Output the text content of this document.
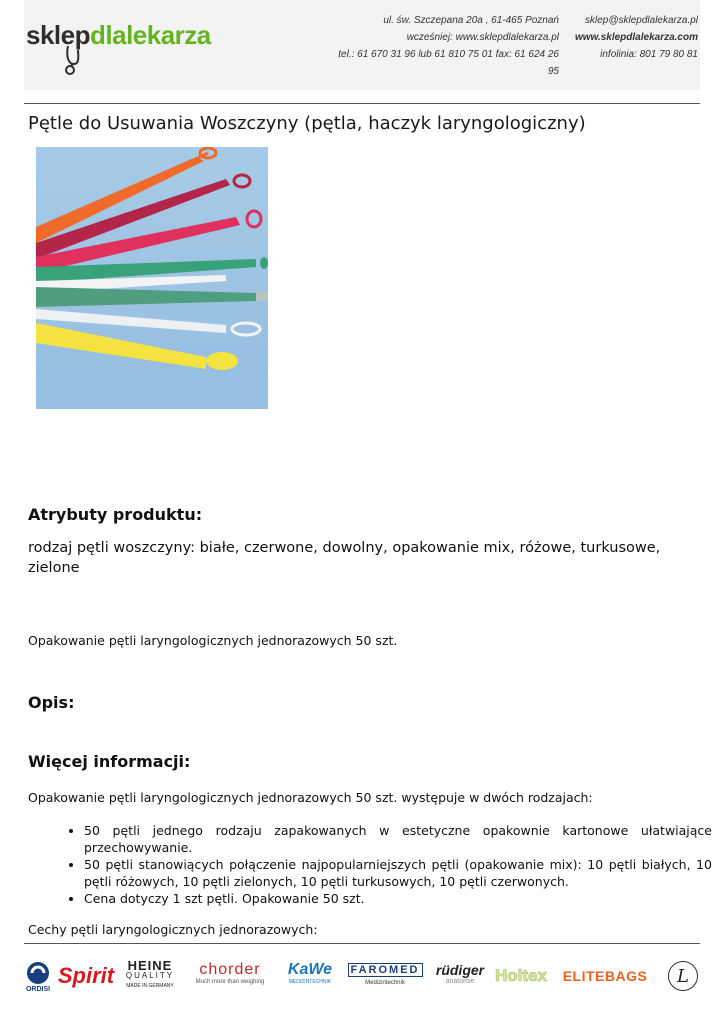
sklepdlalekarza	ul. św. Szczepana 20a , 61-465 Poznań
wcześniej: www.sklepdlalekarza.pl
tel.: 61 670 31 96 lub 61 810 75 01 fax: 61 624 26 95
sklep@sklepdlalekarza.pl
www.sklepdlalekarza.com
infolinia: 801 79 80 81
Pętle do Usuwania Woszczyny (pętla, haczyk laryngologiczny)
Atrybuty produktu:
rodzaj pętli woszczyny: białe, czerwone, dowolny, opakowanie mix, różowe, turkusowe, zielone
Opakowanie pętli laryngologicznych jednorazowych 50 szt.
Opis:
Więcej informacji:
Opakowanie pętli laryngologicznych jednorazowych 50 szt. występuje w dwóch rodzajach:
• 50 pętli jednego rodzaju zapakowanych w estetyczne opakownie kartonowe ułatwiające przechowywanie.
• 50 pętli stanowiących połączenie najpopularniejszych pętli (opakowanie mix): 10 pętli białych, 10 pętli różowych, 10 pętli zielonych, 10 pętli turkusowych, 10 pętli czerwonych.
• Cena dotyczy 1 szt pętli. Opakowanie 50 szt.
Cechy pętli laryngologicznych jednorazowych:
ORDISI
Spirit HEINE
QUALITY
MADE IN GERMANY
chorder
Much more than weighing
KaWe
MEDIZINTECHNIK
FAROMED
Medizintechnik
rüdiger
anatomie Holtex ELITEBAGS	L
